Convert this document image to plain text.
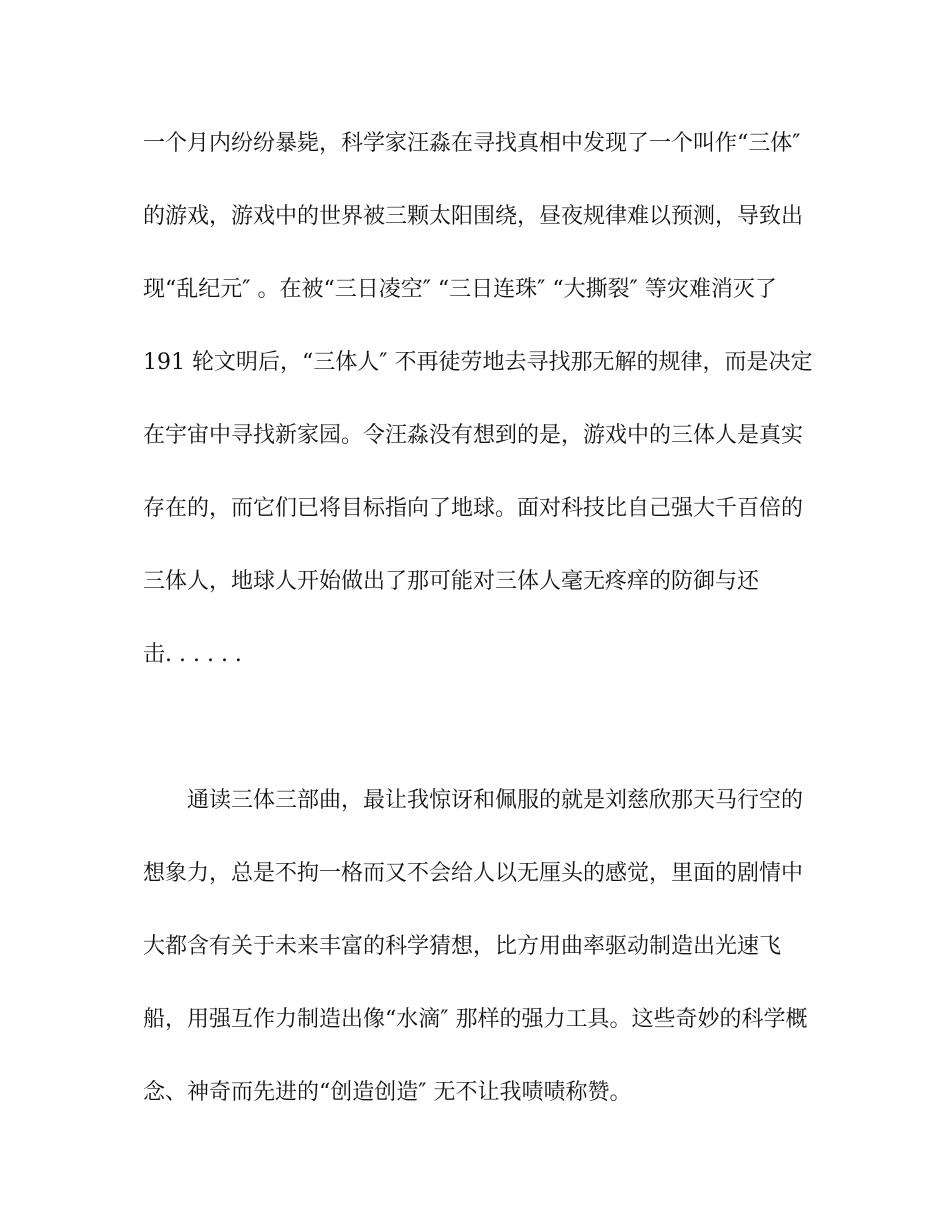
一个月内纷纷暴毙，科学家汪淼在寻找真相中发现了一个叫作“三体″

的游戏，游戏中的世界被三颗太阳围绕，昼夜规律难以预测，导致出

现“乱纪元″ 。在被“三日凌空″ “三日连珠″ “大撕裂″ 等灾难消灭了

191 轮文明后，“三体人″ 不再徒劳地去寻找那无解的规律，而是决定

在宇宙中寻找新家园。令汪淼没有想到的是，游戏中的三体人是真实

存在的，而它们已将目标指向了地球。面对科技比自己强大千百倍的

三体人，地球人开始做出了那可能对三体人毫无疼痒的防御与还

击. . . . . .

通读三体三部曲，最让我惊讶和佩服的就是刘慈欣那天马行空的

想象力，总是不拘一格而又不会给人以无厘头的感觉，里面的剧情中

大都含有关于未来丰富的科学猜想，比方用曲率驱动制造出光速飞

船，用强互作力制造出像“水滴″ 那样的强力工具。这些奇妙的科学概

念、神奇而先进的“创造创造″ 无不让我啧啧称赞。
